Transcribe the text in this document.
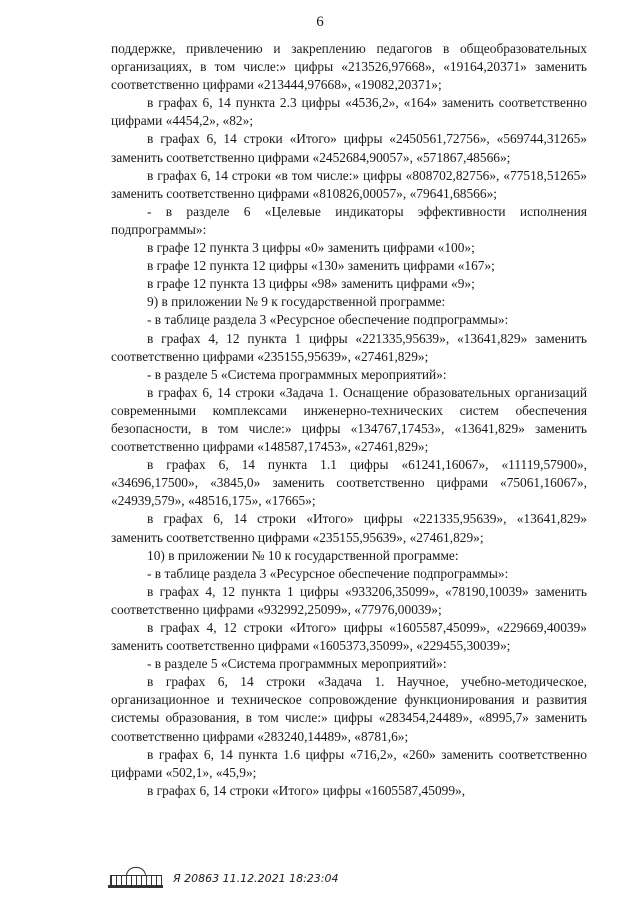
6

поддержке, привлечению и закреплению педагогов в общеобразовательных организациях, в том числе:» цифры «213526,97668», «19164,20371» заменить соответственно цифрами «213444,97668», «19082,20371»;

в графах 6, 14 пункта 2.3 цифры «4536,2», «164» заменить соответственно цифрами «4454,2», «82»;

в графах 6, 14 строки «Итого» цифры «2450561,72756», «569744,31265» заменить соответственно цифрами «2452684,90057», «571867,48566»;

в графах 6, 14 строки «в том числе:» цифры «808702,82756», «77518,51265» заменить соответственно цифрами «810826,00057», «79641,68566»;

- в разделе 6 «Целевые индикаторы эффективности исполнения подпрограммы»:

в графе 12 пункта 3 цифры «0» заменить цифрами «100»;

в графе 12 пункта 12 цифры «130» заменить цифрами «167»;

в графе 12 пункта 13 цифры «98» заменить цифрами «9»;

9) в приложении № 9 к государственной программе:

- в таблице раздела 3 «Ресурсное обеспечение подпрограммы»:

в графах 4, 12 пункта 1 цифры «221335,95639», «13641,829» заменить соответственно цифрами «235155,95639», «27461,829»;

- в разделе 5 «Система программных мероприятий»:

в графах 6, 14 строки «Задача 1. Оснащение образовательных организаций современными комплексами инженерно-технических систем обеспечения безопасности, в том числе:» цифры «134767,17453», «13641,829» заменить соответственно цифрами «148587,17453», «27461,829»;

в графах 6, 14 пункта 1.1 цифры «61241,16067», «11119,57900», «34696,17500», «3845,0» заменить соответственно цифрами «75061,16067», «24939,579», «48516,175», «17665»;

в графах 6, 14 строки «Итого» цифры «221335,95639», «13641,829» заменить соответственно цифрами «235155,95639», «27461,829»;

10) в приложении № 10 к государственной программе:

- в таблице раздела 3 «Ресурсное обеспечение подпрограммы»:

в графах 4, 12 пункта 1 цифры «933206,35099», «78190,10039» заменить соответственно цифрами «932992,25099», «77976,00039»;

в графах 4, 12 строки «Итого» цифры «1605587,45099», «229669,40039» заменить соответственно цифрами «1605373,35099», «229455,30039»;

- в разделе 5 «Система программных мероприятий»:

в графах 6, 14 строки «Задача 1. Научное, учебно-методическое, организационное и техническое сопровождение функционирования и развития системы образования, в том числе:» цифры «283454,24489», «8995,7» заменить соответственно цифрами «283240,14489», «8781,6»;

в графах 6, 14 пункта 1.6 цифры «716,2», «260» заменить соответственно цифрами «502,1», «45,9»;

в графах 6, 14 строки «Итого» цифры «1605587,45099»,

Я 20863 11.12.2021 18:23:04
